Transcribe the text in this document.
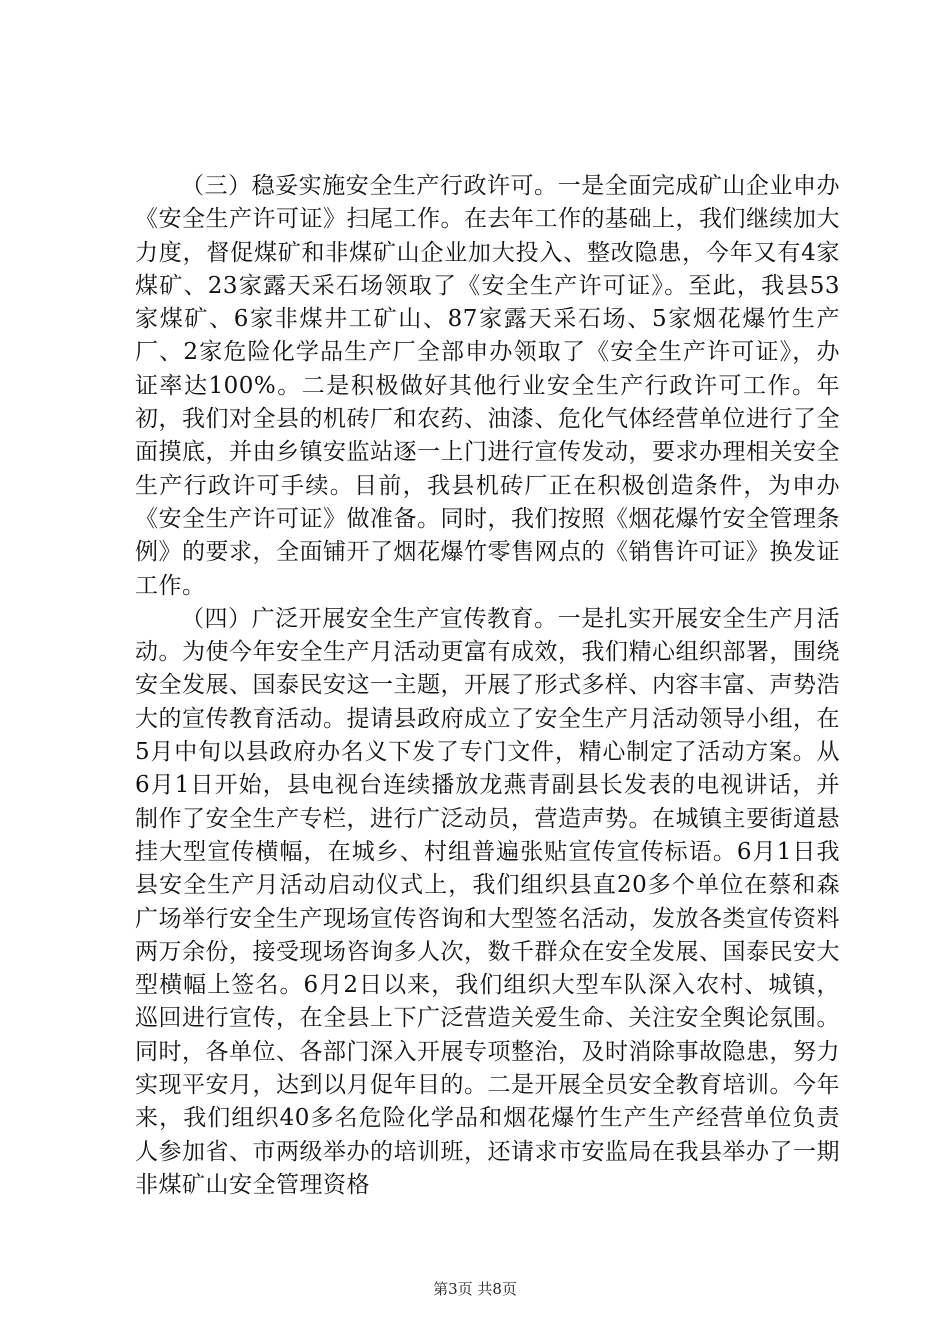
（三）稳妥实施安全生产行政许可。一是全面完成矿山企业申办《安全生产许可证》扫尾工作。在去年工作的基础上，我们继续加大力度，督促煤矿和非煤矿山企业加大投入、整改隐患，今年又有4家煤矿、23家露天采石场领取了《安全生产许可证》。至此，我县53家煤矿、6家非煤井工矿山、87家露天采石场、5家烟花爆竹生产厂、2家危险化学品生产厂全部申办领取了《安全生产许可证》，办证率达100%。二是积极做好其他行业安全生产行政许可工作。年初，我们对全县的机砖厂和农药、油漆、危化气体经营单位进行了全面摸底，并由乡镇安监站逐一上门进行宣传发动，要求办理相关安全生产行政许可手续。目前，我县机砖厂正在积极创造条件，为申办《安全生产许可证》做准备。同时，我们按照《烟花爆竹安全管理条例》的要求，全面铺开了烟花爆竹零售网点的《销售许可证》换发证工作。

（四）广泛开展安全生产宣传教育。一是扎实开展安全生产月活动。为使今年安全生产月活动更富有成效，我们精心组织部署，围绕安全发展、国泰民安这一主题，开展了形式多样、内容丰富、声势浩大的宣传教育活动。提请县政府成立了安全生产月活动领导小组，在5月中旬以县政府办名义下发了专门文件，精心制定了活动方案。从6月1日开始，县电视台连续播放龙燕青副县长发表的电视讲话，并制作了安全生产专栏，进行广泛动员，营造声势。在城镇主要街道悬挂大型宣传横幅，在城乡、村组普遍张贴宣传宣传标语。6月1日我县安全生产月活动启动仪式上，我们组织县直20多个单位在蔡和森广场举行安全生产现场宣传咨询和大型签名活动，发放各类宣传资料两万余份，接受现场咨询多人次，数千群众在安全发展、国泰民安大型横幅上签名。6月2日以来，我们组织大型车队深入农村、城镇，巡回进行宣传，在全县上下广泛营造关爱生命、关注安全舆论氛围。同时，各单位、各部门深入开展专项整治，及时消除事故隐患，努力实现平安月，达到以月促年目的。二是开展全员安全教育培训。今年来，我们组织40多名危险化学品和烟花爆竹生产生产经营单位负责人参加省、市两级举办的培训班，还请求市安监局在我县举办了一期非煤矿山安全管理资格

第3页 共8页
